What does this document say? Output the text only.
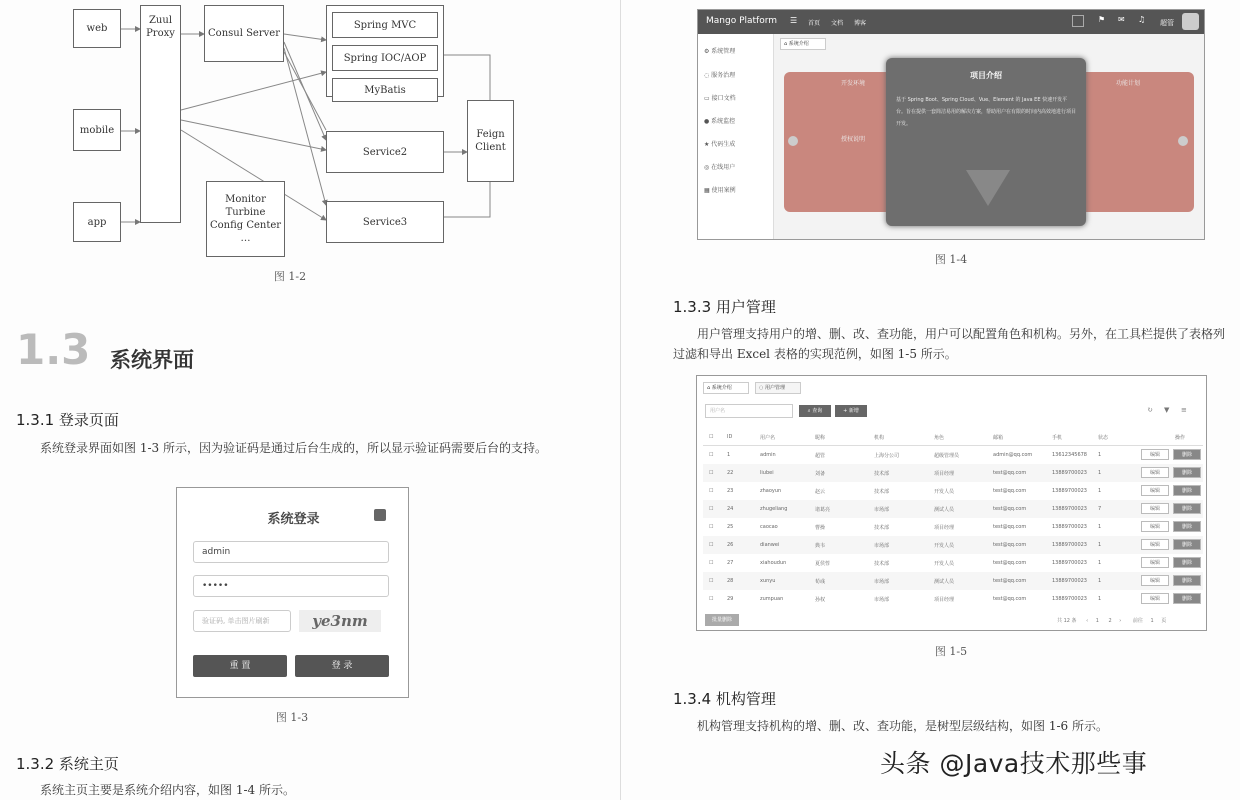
web
mobile
app
Zuul Proxy	Consul Server
Spring MVC
Spring IOC/AOP
MyBatis
Service2
Service3
Feign Client
Monitor
Turbine
Config Center
…
图 1-2
1.3 系统界面
1.3.1 登录页面
系统登录界面如图 1-3 所示，因为验证码是通过后台生成的，所以显示验证码需要后台的支持。
系统登录
admin
•••••
验证码, 单击图片刷新	ye3nm
重 置	登 录
图 1-3
1.3.2 系统主页
系统主页主要是系统介绍内容，如图 1-4 所示。
Mango Platform ☰ 首页 文档 博客	⚑ ✉ ♫ 超管
⚙ 系统管理
◌ 服务治理
▭ 接口文档
● 系统监控
★ 代码生成
◎ 在线用户
▦ 使用案例
⌂ 系统介绍
开发环境
授权说明
功能计划
项目介绍
基于 Spring Boot、Spring Cloud、Vue、Element 的 Java EE 快速开发平台。旨在提供一套简洁易用的解决方案，帮助用户在有限的时间内高效地进行项目开发。
图 1-4
1.3.3 用户管理
用户管理支持用户的增、删、改、查功能，用户可以配置角色和机构。另外，在工具栏提供了表格列过滤和导出 Excel 表格的实现范例，如图 1-5 所示。
⌂ 系统介绍	◌ 用户管理
用户名	⌕ 查询	+ 新增	↻ ▼ ≡
☐	ID	用户名	昵称	机构	角色	邮箱	手机	状态	操作
☐	1	admin	超管	上海分公司	超级管理员	admin@qq.com	13612345678 1	编辑	删除
☐	22	liubei	刘备	技术部	项目经理	test@qq.com	13889700023 1	编辑	删除
☐	23	zhaoyun	赵云	技术部	开发人员	test@qq.com	13889700023 1	编辑	删除
☐	24	zhugeliang	诸葛亮	市场部	测试人员	test@qq.com	13889700023 7	编辑	删除
☐	25	caocao	曹操	技术部	项目经理	test@qq.com	13889700023 1	编辑	删除
☐	26	dianwei	典韦	市场部	开发人员	test@qq.com	13889700023 1	编辑	删除
☐	27	xiahoudun	夏侯惇	技术部	开发人员	test@qq.com	13889700023 1	编辑	删除
☐	28	xunyu	荀彧	市场部	测试人员	test@qq.com	13889700023 1	编辑	删除
☐	29	zumpuan	孙权	市场部	项目经理	test@qq.com	13889700023 1	编辑	删除
批量删除	共 12 条 ‹ 1 2 › 前往 1 页
图 1-5
1.3.4 机构管理
机构管理支持机构的增、删、改、查功能，是树型层级结构，如图 1-6 所示。
头条 @Java技术那些事
